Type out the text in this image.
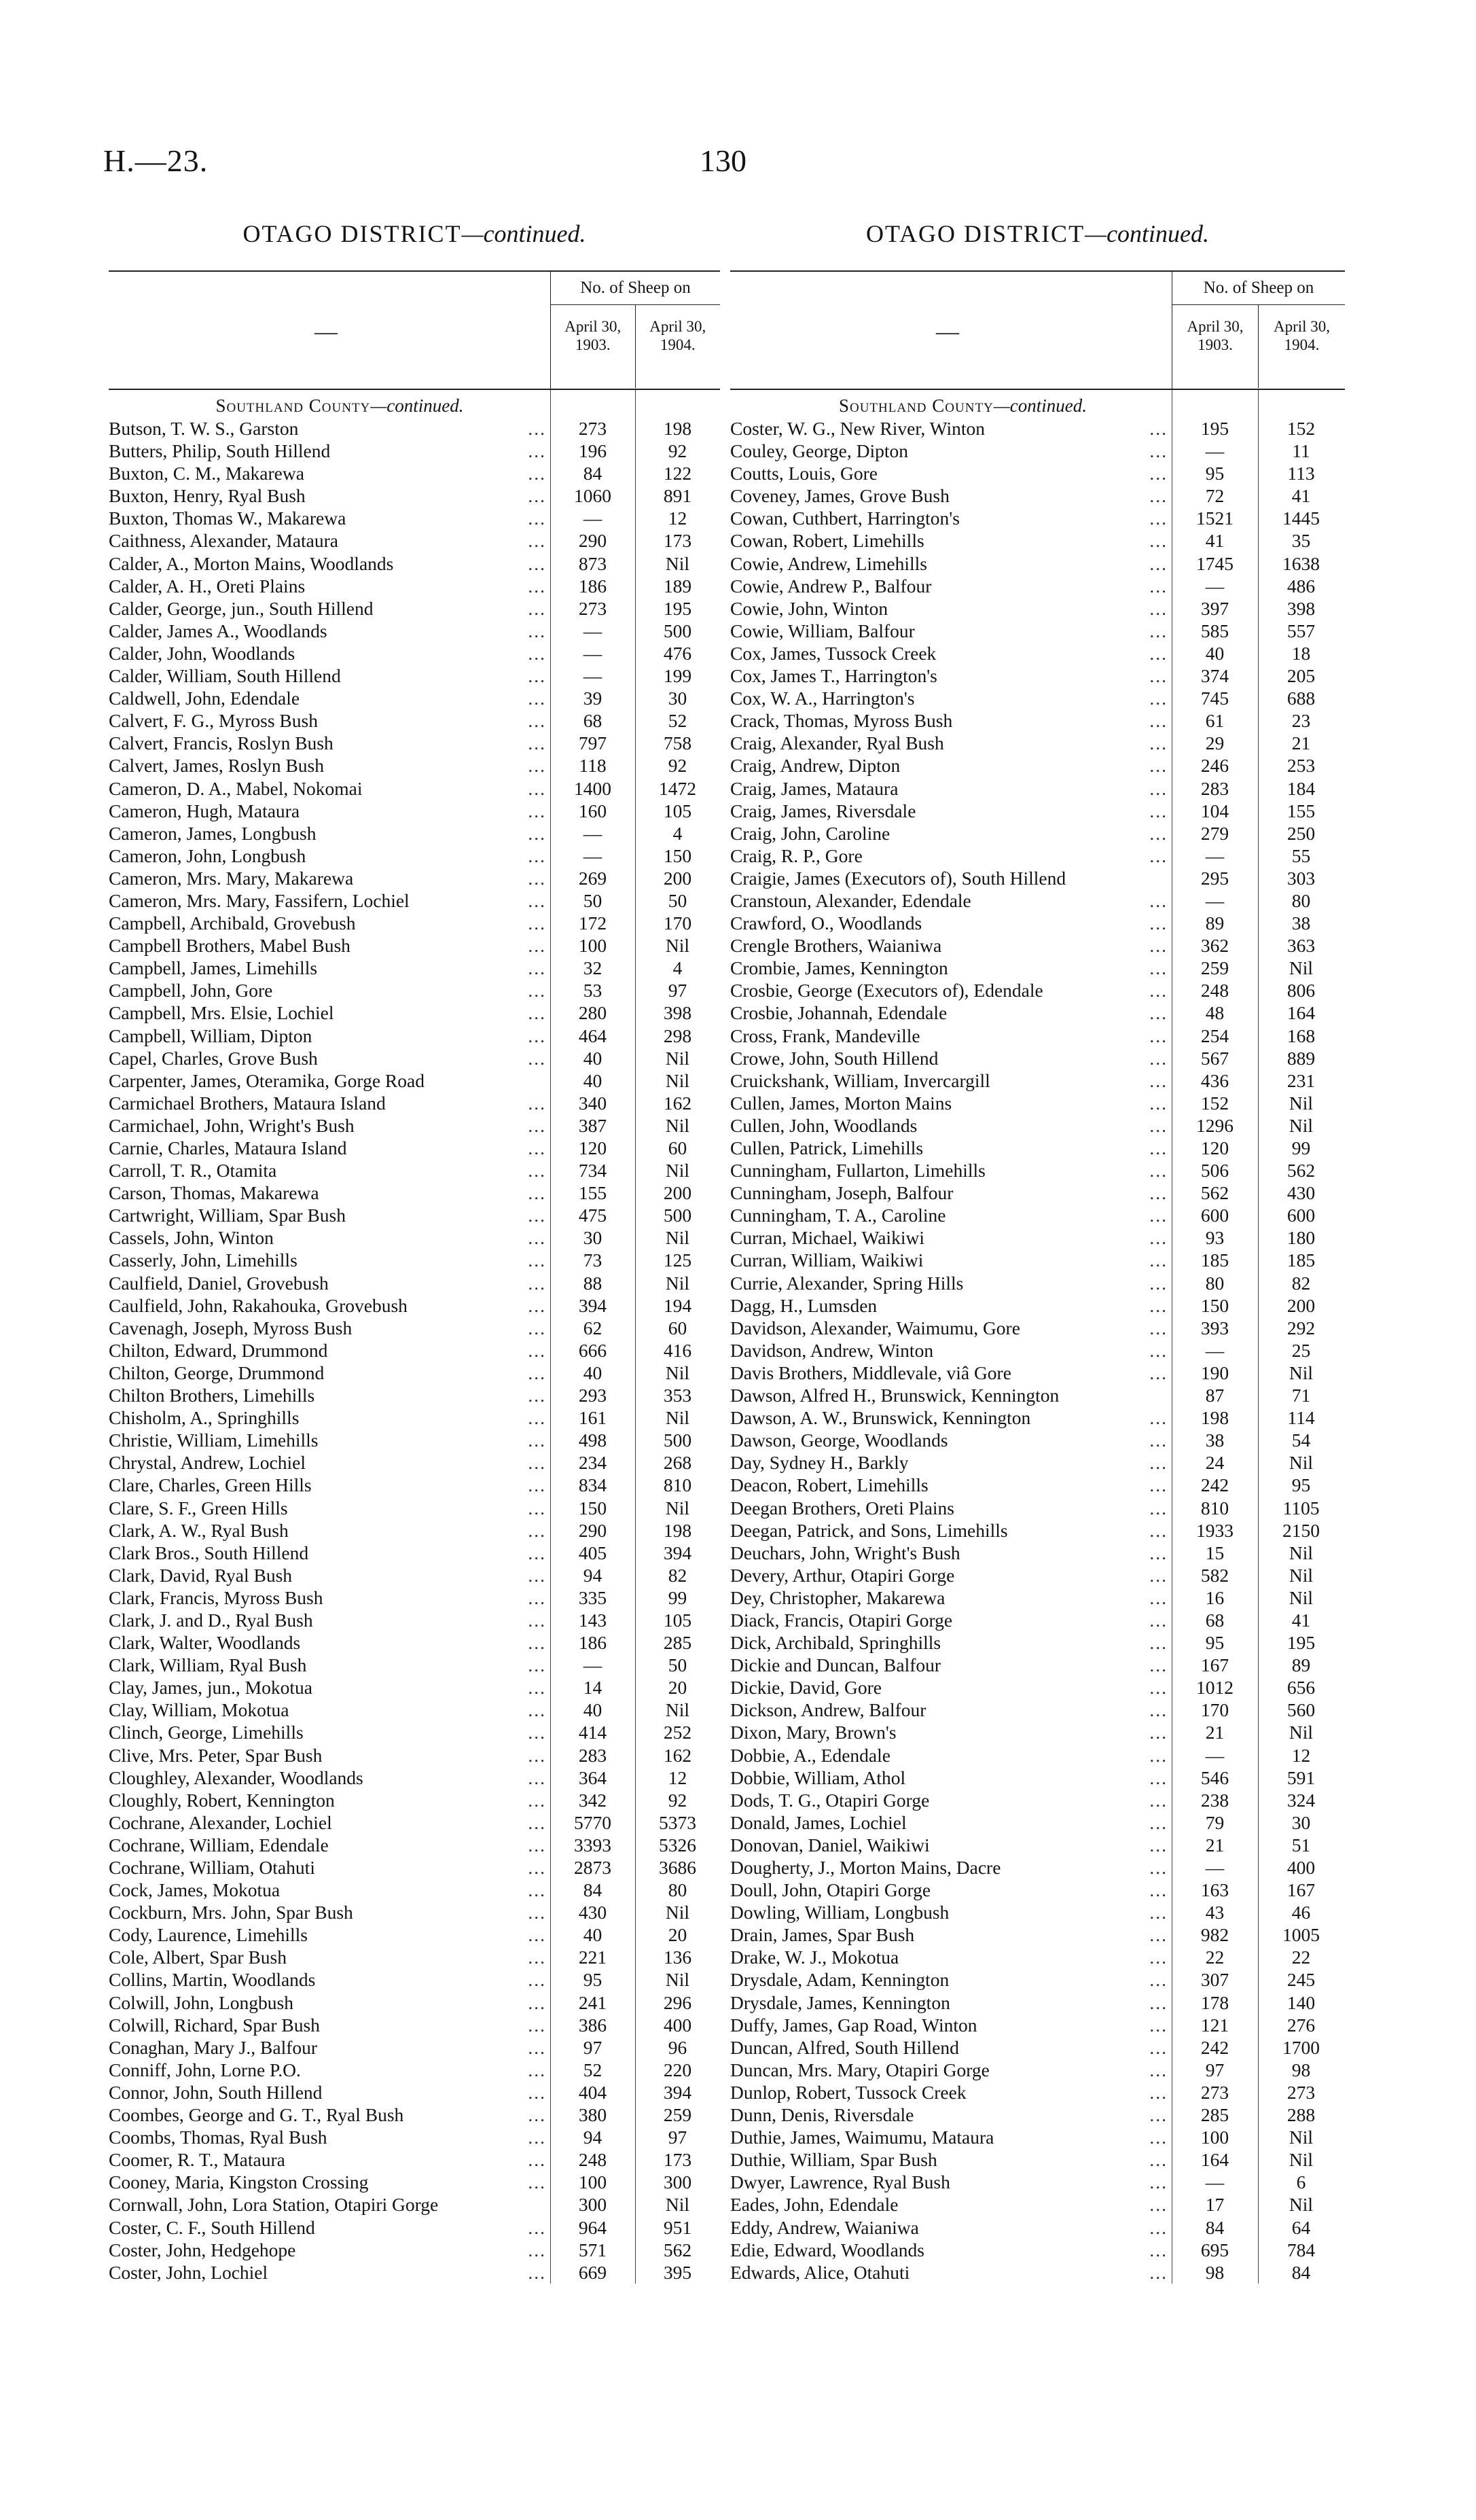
H.—23.	130
OTAGO DISTRICT—continued.
—
No. of Sheep on
April 30, 1903.
April 30, 1904.
Southland County—continued.
Butson, T. W. S., Garston	...	273	198
Butters, Philip, South Hillend	...	196	92
Buxton, C. M., Makarewa	...	84	122
Buxton, Henry, Ryal Bush	...	1060	891
Buxton, Thomas W., Makarewa	...	—	12
Caithness, Alexander, Mataura	...	290	173
Calder, A., Morton Mains, Woodlands	...	873	Nil
Calder, A. H., Oreti Plains	...	186	189
Calder, George, jun., South Hillend	...	273	195
Calder, James A., Woodlands	...	—	500
Calder, John, Woodlands	...	—	476
Calder, William, South Hillend	...	—	199
Caldwell, John, Edendale	...	39	30
Calvert, F. G., Myross Bush	...	68	52
Calvert, Francis, Roslyn Bush	...	797	758
Calvert, James, Roslyn Bush	...	118	92
Cameron, D. A., Mabel, Nokomai	...	1400	1472
Cameron, Hugh, Mataura	...	160	105
Cameron, James, Longbush	...	—	4
Cameron, John, Longbush	...	—	150
Cameron, Mrs. Mary, Makarewa	...	269	200
Cameron, Mrs. Mary, Fassifern, Lochiel	...	50	50
Campbell, Archibald, Grovebush	...	172	170
Campbell Brothers, Mabel Bush	...	100	Nil
Campbell, James, Limehills	...	32	4
Campbell, John, Gore	...	53	97
Campbell, Mrs. Elsie, Lochiel	...	280	398
Campbell, William, Dipton	...	464	298
Capel, Charles, Grove Bush	...	40	Nil
Carpenter, James, Oteramika, Gorge Road	40	Nil
Carmichael Brothers, Mataura Island	...	340	162
Carmichael, John, Wright's Bush	...	387	Nil
Carnie, Charles, Mataura Island	...	120	60
Carroll, T. R., Otamita	...	734	Nil
Carson, Thomas, Makarewa	...	155	200
Cartwright, William, Spar Bush	...	475	500
Cassels, John, Winton	...	30	Nil
Casserly, John, Limehills	...	73	125
Caulfield, Daniel, Grovebush	...	88	Nil
Caulfield, John, Rakahouka, Grovebush	...	394	194
Cavenagh, Joseph, Myross Bush	...	62	60
Chilton, Edward, Drummond	...	666	416
Chilton, George, Drummond	...	40	Nil
Chilton Brothers, Limehills	...	293	353
Chisholm, A., Springhills	...	161	Nil
Christie, William, Limehills	...	498	500
Chrystal, Andrew, Lochiel	...	234	268
Clare, Charles, Green Hills	...	834	810
Clare, S. F., Green Hills	...	150	Nil
Clark, A. W., Ryal Bush	...	290	198
Clark Bros., South Hillend	...	405	394
Clark, David, Ryal Bush	...	94	82
Clark, Francis, Myross Bush	...	335	99
Clark, J. and D., Ryal Bush	...	143	105
Clark, Walter, Woodlands	...	186	285
Clark, William, Ryal Bush	...	—	50
Clay, James, jun., Mokotua	...	14	20
Clay, William, Mokotua	...	40	Nil
Clinch, George, Limehills	...	414	252
Clive, Mrs. Peter, Spar Bush	...	283	162
Cloughley, Alexander, Woodlands	...	364	12
Cloughly, Robert, Kennington	...	342	92
Cochrane, Alexander, Lochiel	...	5770	5373
Cochrane, William, Edendale	...	3393	5326
Cochrane, William, Otahuti	...	2873	3686
Cock, James, Mokotua	...	84	80
Cockburn, Mrs. John, Spar Bush	...	430	Nil
Cody, Laurence, Limehills	...	40	20
Cole, Albert, Spar Bush	...	221	136
Collins, Martin, Woodlands	...	95	Nil
Colwill, John, Longbush	...	241	296
Colwill, Richard, Spar Bush	...	386	400
Conaghan, Mary J., Balfour	...	97	96
Conniff, John, Lorne P.O.	...	52	220
Connor, John, South Hillend	...	404	394
Coombes, George and G. T., Ryal Bush	...	380	259
Coombs, Thomas, Ryal Bush	...	94	97
Coomer, R. T., Mataura	...	248	173
Cooney, Maria, Kingston Crossing	...	100	300
Cornwall, John, Lora Station, Otapiri Gorge	300	Nil
Coster, C. F., South Hillend	...	964	951
Coster, John, Hedgehope	...	571	562
Coster, John, Lochiel	...	669	395
OTAGO DISTRICT—continued.
—
No. of Sheep on
April 30, 1903.
April 30, 1904.
Southland County—continued.
Coster, W. G., New River, Winton	...	195	152
Couley, George, Dipton	...	—	11
Coutts, Louis, Gore	...	95	113
Coveney, James, Grove Bush	...	72	41
Cowan, Cuthbert, Harrington's	...	1521	1445
Cowan, Robert, Limehills	...	41	35
Cowie, Andrew, Limehills	...	1745	1638
Cowie, Andrew P., Balfour	...	—	486
Cowie, John, Winton	...	397	398
Cowie, William, Balfour	...	585	557
Cox, James, Tussock Creek	...	40	18
Cox, James T., Harrington's	...	374	205
Cox, W. A., Harrington's	...	745	688
Crack, Thomas, Myross Bush	...	61	23
Craig, Alexander, Ryal Bush	...	29	21
Craig, Andrew, Dipton	...	246	253
Craig, James, Mataura	...	283	184
Craig, James, Riversdale	...	104	155
Craig, John, Caroline	...	279	250
Craig, R. P., Gore	...	—	55
Craigie, James (Executors of), South Hillend	295	303
Cranstoun, Alexander, Edendale	...	—	80
Crawford, O., Woodlands	...	89	38
Crengle Brothers, Waianiwa	...	362	363
Crombie, James, Kennington	...	259	Nil
Crosbie, George (Executors of), Edendale	...	248	806
Crosbie, Johannah, Edendale	...	48	164
Cross, Frank, Mandeville	...	254	168
Crowe, John, South Hillend	...	567	889
Cruickshank, William, Invercargill	...	436	231
Cullen, James, Morton Mains	...	152	Nil
Cullen, John, Woodlands	...	1296	Nil
Cullen, Patrick, Limehills	...	120	99
Cunningham, Fullarton, Limehills	...	506	562
Cunningham, Joseph, Balfour	...	562	430
Cunningham, T. A., Caroline	...	600	600
Curran, Michael, Waikiwi	...	93	180
Curran, William, Waikiwi	...	185	185
Currie, Alexander, Spring Hills	...	80	82
Dagg, H., Lumsden	...	150	200
Davidson, Alexander, Waimumu, Gore	...	393	292
Davidson, Andrew, Winton	...	—	25
Davis Brothers, Middlevale, viâ Gore	...	190	Nil
Dawson, Alfred H., Brunswick, Kennington	87	71
Dawson, A. W., Brunswick, Kennington	...	198	114
Dawson, George, Woodlands	...	38	54
Day, Sydney H., Barkly	...	24	Nil
Deacon, Robert, Limehills	...	242	95
Deegan Brothers, Oreti Plains	...	810	1105
Deegan, Patrick, and Sons, Limehills	...	1933	2150
Deuchars, John, Wright's Bush	...	15	Nil
Devery, Arthur, Otapiri Gorge	...	582	Nil
Dey, Christopher, Makarewa	...	16	Nil
Diack, Francis, Otapiri Gorge	...	68	41
Dick, Archibald, Springhills	...	95	195
Dickie and Duncan, Balfour	...	167	89
Dickie, David, Gore	...	1012	656
Dickson, Andrew, Balfour	...	170	560
Dixon, Mary, Brown's	...	21	Nil
Dobbie, A., Edendale	...	—	12
Dobbie, William, Athol	...	546	591
Dods, T. G., Otapiri Gorge	...	238	324
Donald, James, Lochiel	...	79	30
Donovan, Daniel, Waikiwi	...	21	51
Dougherty, J., Morton Mains, Dacre	...	—	400
Doull, John, Otapiri Gorge	...	163	167
Dowling, William, Longbush	...	43	46
Drain, James, Spar Bush	...	982	1005
Drake, W. J., Mokotua	...	22	22
Drysdale, Adam, Kennington	...	307	245
Drysdale, James, Kennington	...	178	140
Duffy, James, Gap Road, Winton	...	121	276
Duncan, Alfred, South Hillend	...	242	1700
Duncan, Mrs. Mary, Otapiri Gorge	...	97	98
Dunlop, Robert, Tussock Creek	...	273	273
Dunn, Denis, Riversdale	...	285	288
Duthie, James, Waimumu, Mataura	...	100	Nil
Duthie, William, Spar Bush	...	164	Nil
Dwyer, Lawrence, Ryal Bush	...	—	6
Eades, John, Edendale	...	17	Nil
Eddy, Andrew, Waianiwa	...	84	64
Edie, Edward, Woodlands	...	695	784
Edwards, Alice, Otahuti	...	98	84
